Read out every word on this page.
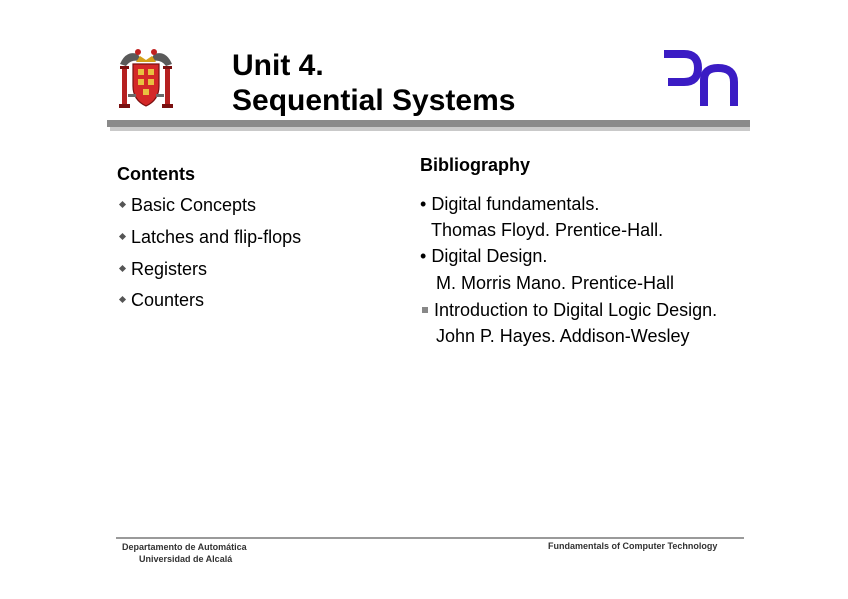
Unit 4.
Sequential Systems
Contents
Basic Concepts
Latches and flip-flops
Registers
Counters
Bibliography
• Digital fundamentals.
Thomas Floyd. Prentice-Hall.
• Digital Design.
M. Morris Mano. Prentice-Hall
Introduction to Digital Logic Design.
John P. Hayes. Addison-Wesley
Departamento de Automática
Universidad de Alcalá
Fundamentals of Computer Technology
